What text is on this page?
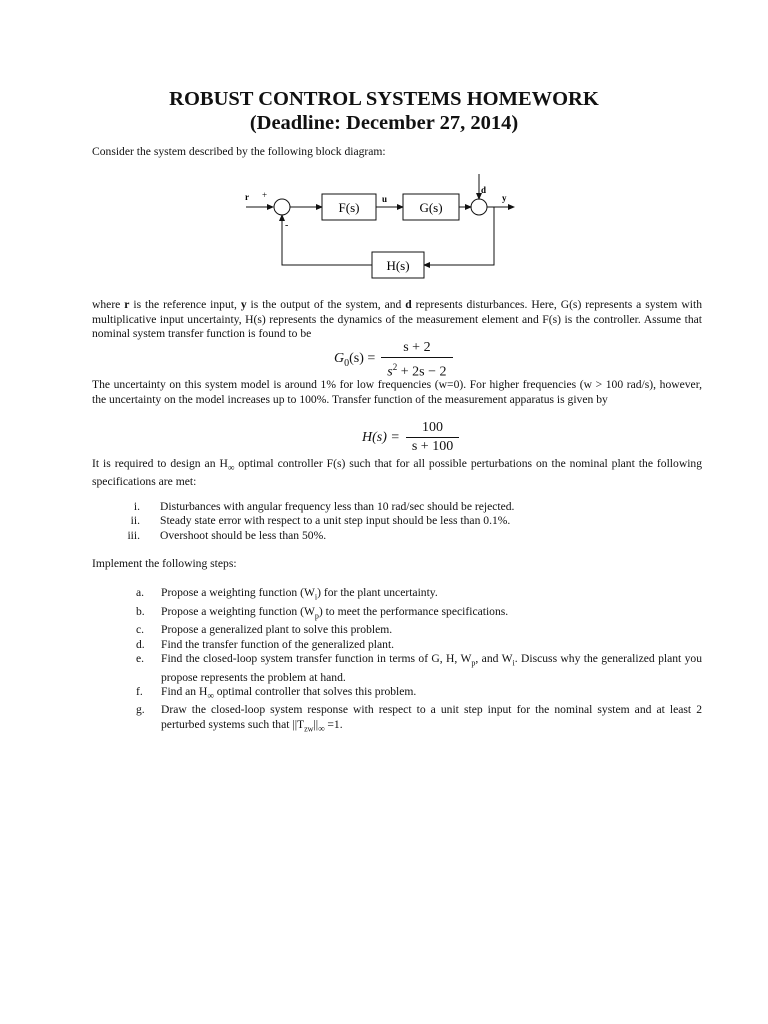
ROBUST CONTROL SYSTEMS HOMEWORK
(Deadline: December 27, 2014)

Consider the system described by the following block diagram:

r +
-
u
d
y
F(s)	G(s)
H(s)

where r is the reference input, y is the output of the system, and d represents disturbances. Here, G(s) represents a system with multiplicative input uncertainty, H(s) represents the dynamics of the measurement element and F(s) is the controller. Assume that nominal system transfer function is found to be

$G_0(s) = \frac{s + 2}{s^2 + 2s - 2}$

The uncertainty on this system model is around 1% for low frequencies (w=0). For higher frequencies (w > 100 rad/s), however, the uncertainty on the model increases up to 100%. Transfer function of the measurement apparatus is given by

$H(s) = \frac{100}{s + 100}$

It is required to design an $H_\infty$ optimal controller F(s) such that for all possible perturbations on the nominal plant the following specifications are met:

i. Disturbances with angular frequency less than 10 rad/sec should be rejected.
ii. Steady state error with respect to a unit step input should be less than 0.1%.
iii. Overshoot should be less than 50%.

Implement the following steps:

a.	Propose a weighting function $(W_i)$ for the plant uncertainty.
b.	Propose a weighting function $(W_p)$ to meet the performance specifications.
c.	Propose a generalized plant to solve this problem.
d.	Find the transfer function of the generalized plant.
e.	Find the closed-loop system transfer function in terms of G, H, $W_p$, and $W_i$. Discuss why the generalized plant you propose represents the problem at hand.
f.	Find an $H_\infty$ optimal controller that solves this problem.
g.	Draw the closed-loop system response with respect to a unit step input for the nominal system and at least 2 perturbed systems such that $||T_{zw}||_\infty =1$.
